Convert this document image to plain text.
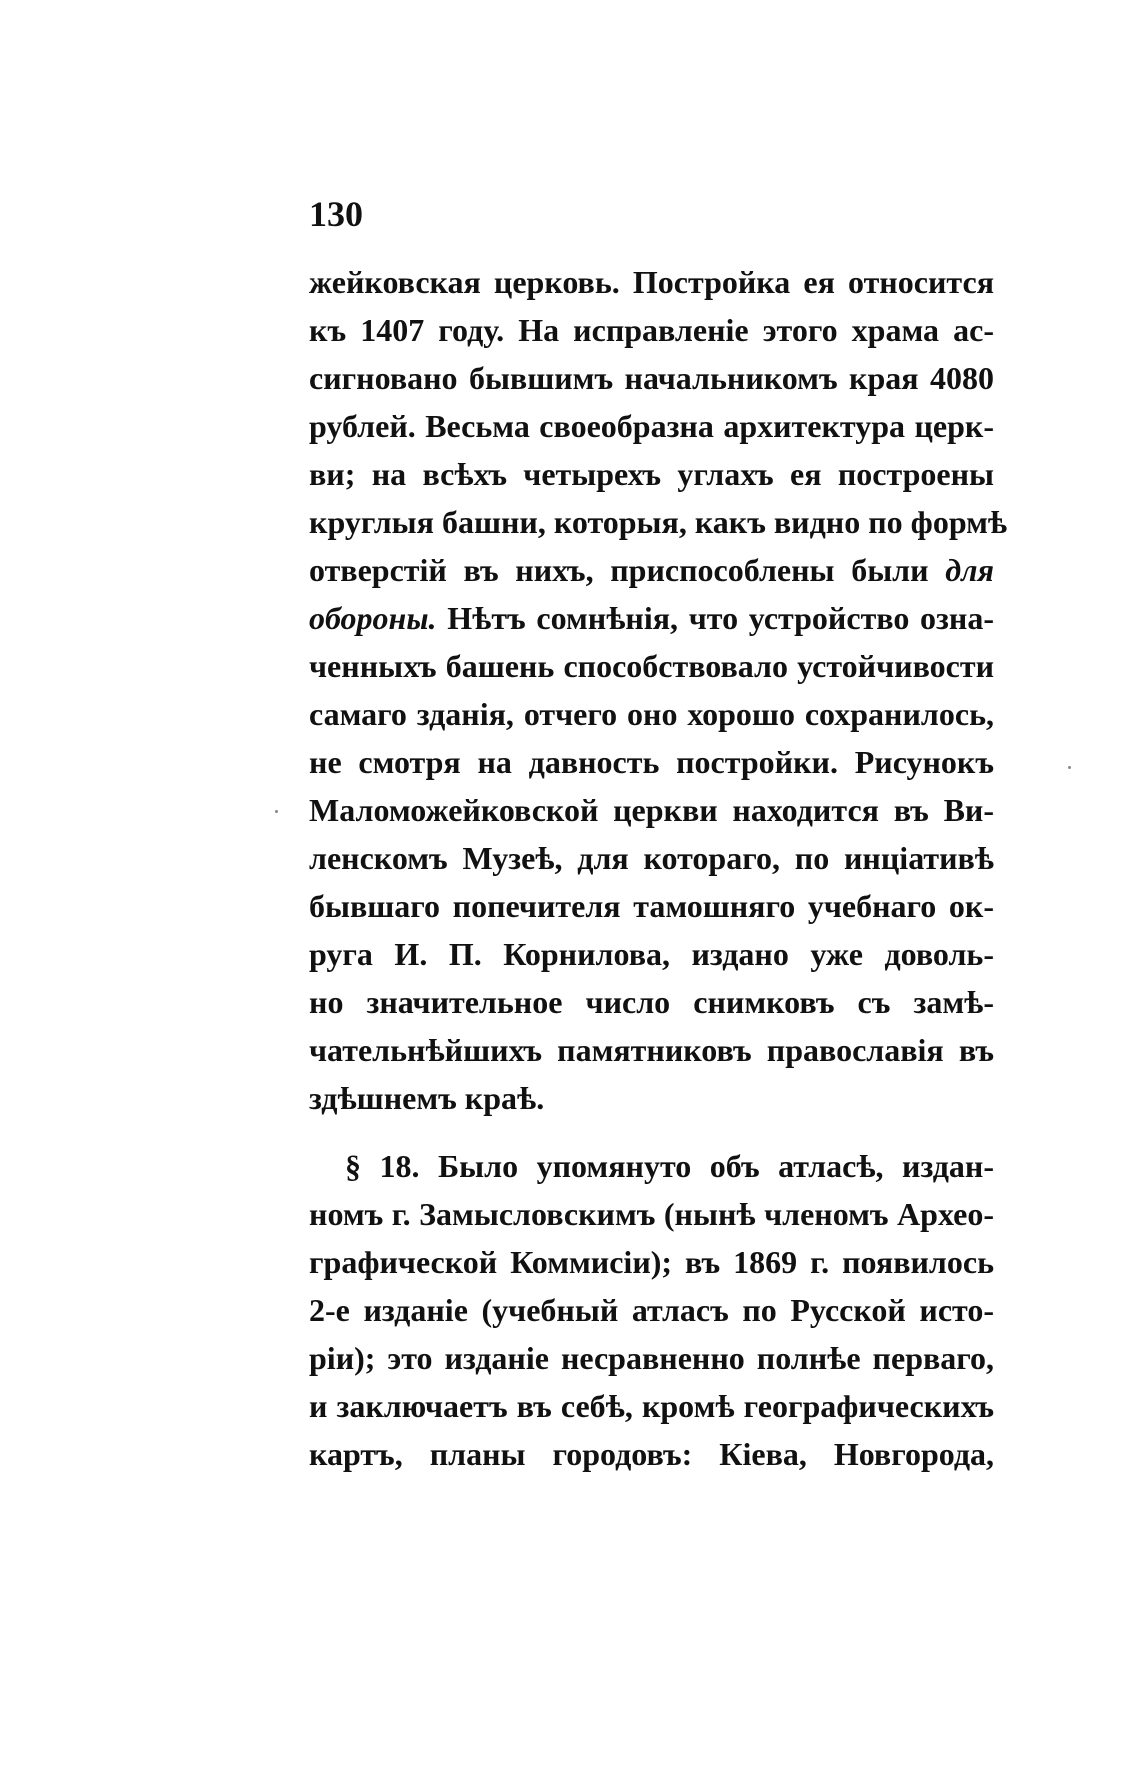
130
жейковская церковь. Постройка ея относится
къ 1407 году. На исправленіе этого храма ас-
сигновано бывшимъ начальникомъ края 4080
рублей. Весьма своеобразна архитектура церк-
ви; на всѣхъ четырехъ углахъ ея построены
круглыя башни, которыя, какъ видно по формѣ
отверстій въ нихъ, приспособлены были для
обороны. Нѣтъ сомнѣнія, что устройство озна-
ченныхъ башень способствовало устойчивости
самаго зданія, отчего оно хорошо сохранилось,
не смотря на давность постройки. Рисунокъ
Маломожейковской церкви находится въ Ви-
ленскомъ Музеѣ, для котораго, по инціативѣ
бывшаго попечителя тамошняго учебнаго ок-
руга И. П. Корнилова, издано уже доволь-
но значительное число снимковъ съ замѣ-
чательнѣйшихъ памятниковъ православія въ
здѣшнемъ краѣ.
§ 18. Было упомянуто объ атласѣ, издан-
номъ г. Замысловскимъ (нынѣ членомъ Археo-
графической Коммисіи); въ 1869 г. появилось
2-е изданіе (учебный атласъ по Русской исто-
ріи); это изданіе несравненно полнѣе перваго,
и заключаетъ въ себѣ, кромѣ географическихъ
картъ, планы городовъ: Кіева, Новгорода,
